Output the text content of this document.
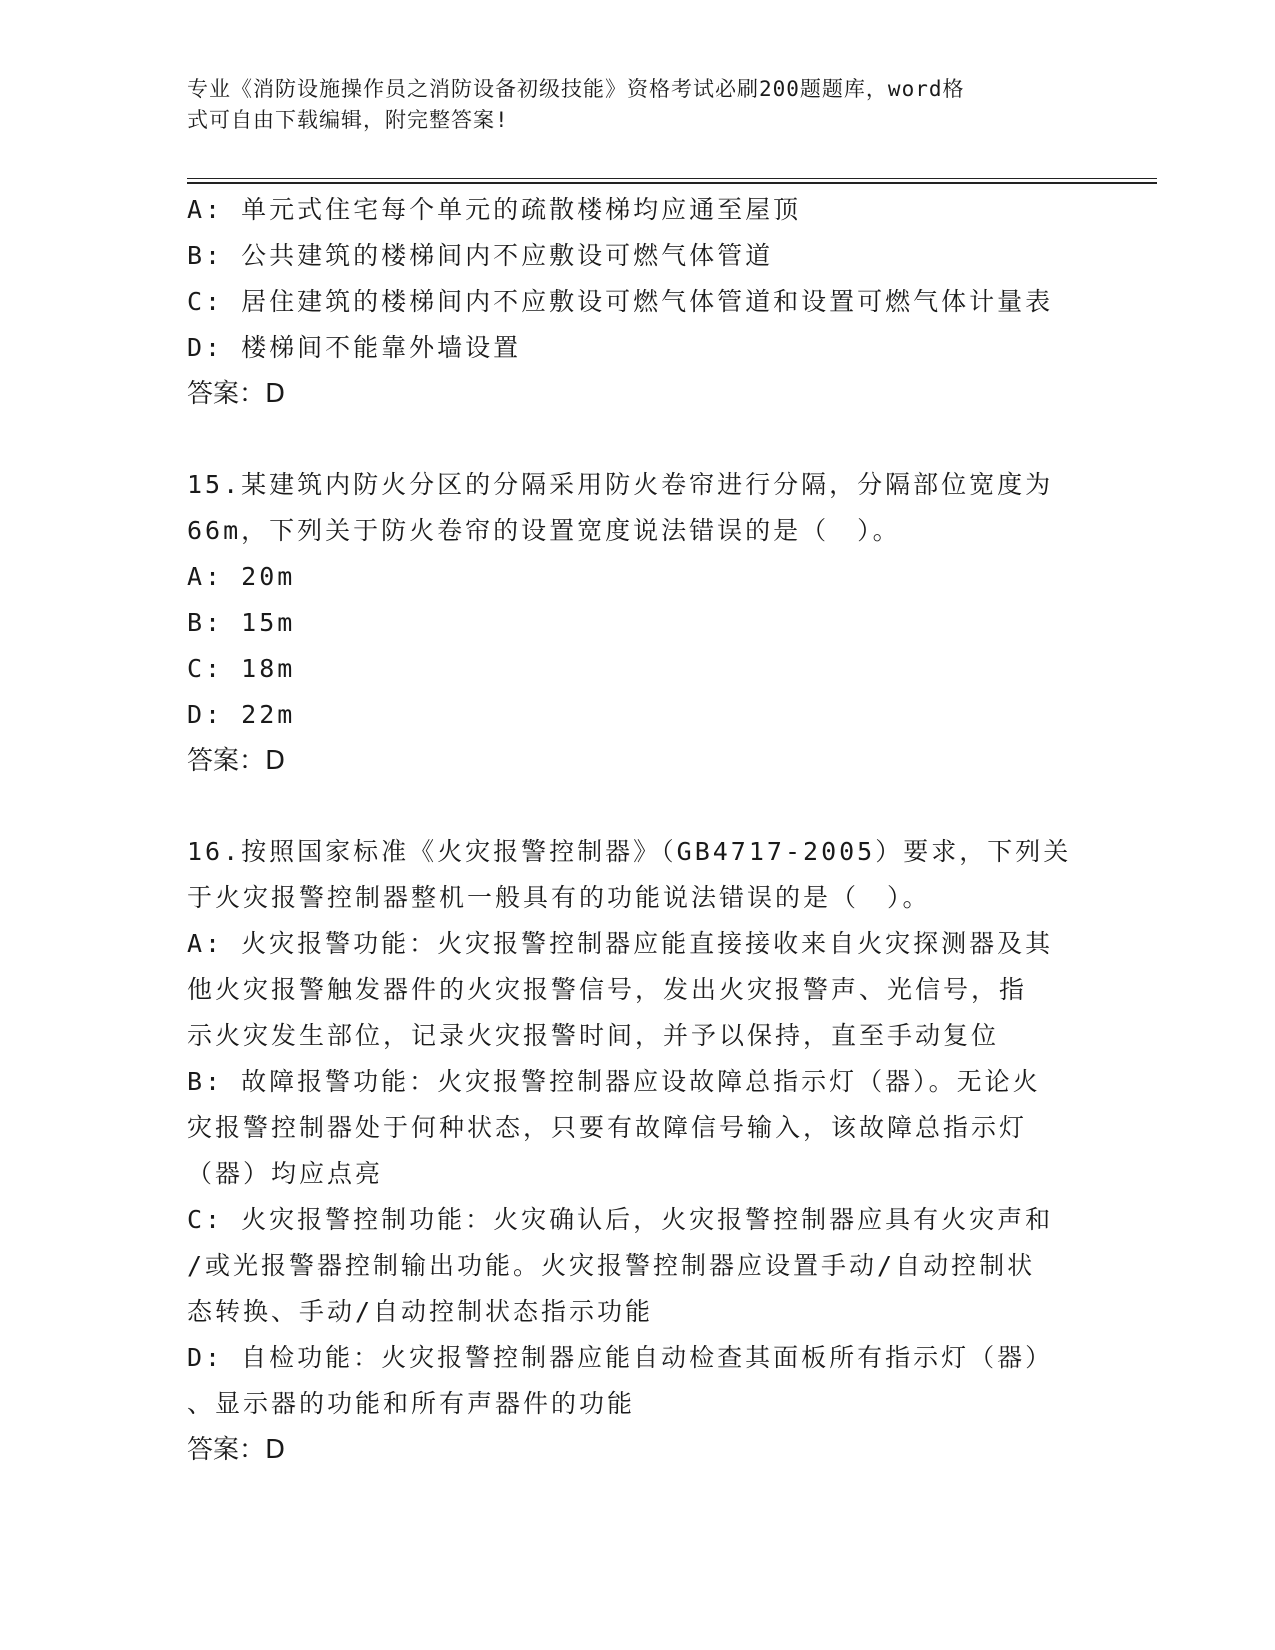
专业《消防设施操作员之消防设备初级技能》资格考试必刷200题题库，word格
式可自由下载编辑，附完整答案!
A: 单元式住宅每个单元的疏散楼梯均应通至屋顶
B: 公共建筑的楼梯间内不应敷设可燃气体管道
C: 居住建筑的楼梯间内不应敷设可燃气体管道和设置可燃气体计量表
D: 楼梯间不能靠外墙设置
答案：D
15.某建筑内防火分区的分隔采用防火卷帘进行分隔，分隔部位宽度为
66m，下列关于防火卷帘的设置宽度说法错误的是（　）。
A: 20m
B: 15m
C: 18m
D: 22m
答案：D
16.按照国家标准《火灾报警控制器》（GB4717-2005）要求，下列关
于火灾报警控制器整机一般具有的功能说法错误的是（　）。
A: 火灾报警功能：火灾报警控制器应能直接接收来自火灾探测器及其
他火灾报警触发器件的火灾报警信号，发出火灾报警声、光信号，指
示火灾发生部位，记录火灾报警时间，并予以保持，直至手动复位
B: 故障报警功能：火灾报警控制器应设故障总指示灯（器）。无论火
灾报警控制器处于何种状态，只要有故障信号输入，该故障总指示灯
（器）均应点亮
C: 火灾报警控制功能：火灾确认后，火灾报警控制器应具有火灾声和
/或光报警器控制输出功能。火灾报警控制器应设置手动/自动控制状
态转换、手动/自动控制状态指示功能
D: 自检功能：火灾报警控制器应能自动检查其面板所有指示灯（器）
、显示器的功能和所有声器件的功能
答案：D
